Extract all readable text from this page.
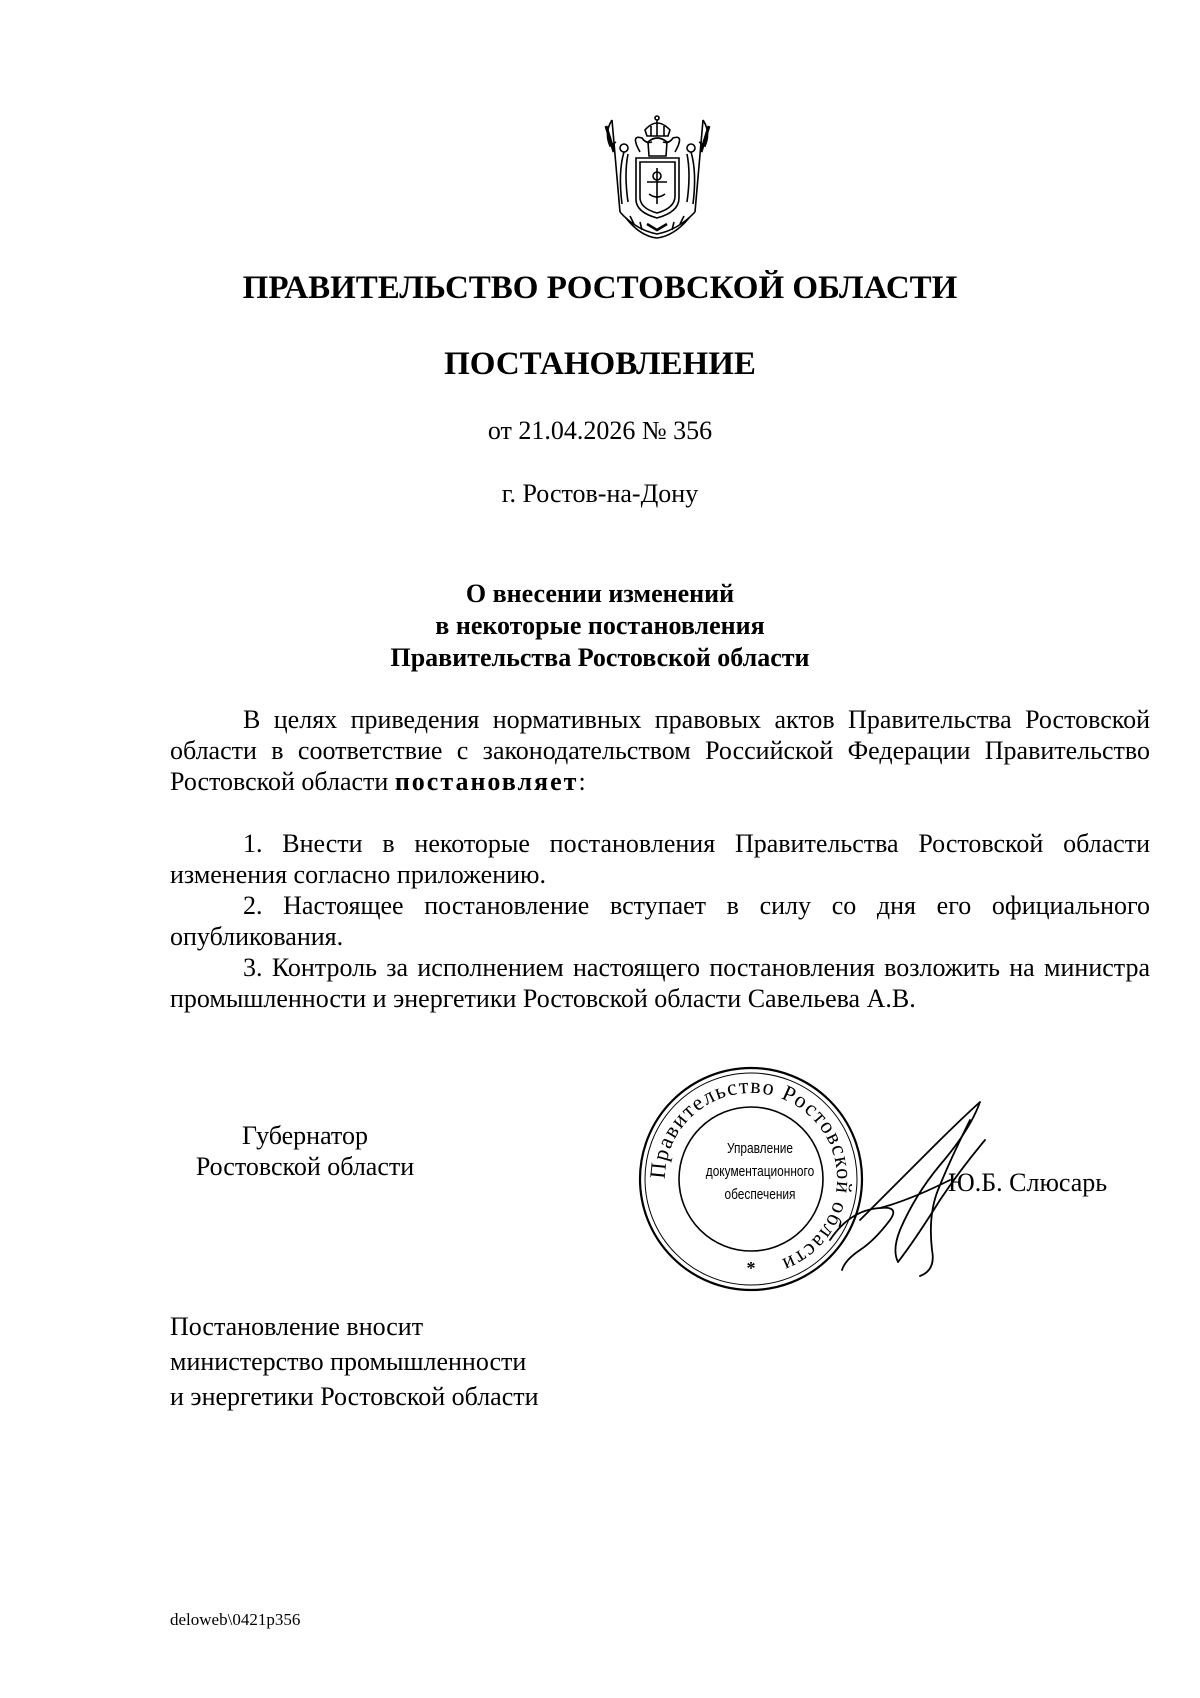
ПРАВИТЕЛЬСТВО РОСТОВСКОЙ ОБЛАСТИ
ПОСТАНОВЛЕНИЕ
от 21.04.2026 № 356
г. Ростов-на-Дону
О внесении изменений
в некоторые постановления
Правительства Ростовской области

В целях приведения нормативных правовых актов Правительства Ростовской области в соответствие с законодательством Российской Федерации Правительство Ростовской области постановляет:

1. Внести в некоторые постановления Правительства Ростовской области изменения согласно приложению.

2. Настоящее постановление вступает в силу со дня его официального опубликования.

3. Контроль за исполнением настоящего постановления возложить на министра промышленности и энергетики Ростовской области Савельева А.В.

Губернатор
Ростовской области	Правительство Ростовской области
*
Управление
документационного
обеспечения	Ю.Б. Слюсарь
Постановление вносит
министерство промышленности
и энергетики Ростовской области
deloweb\0421p356
